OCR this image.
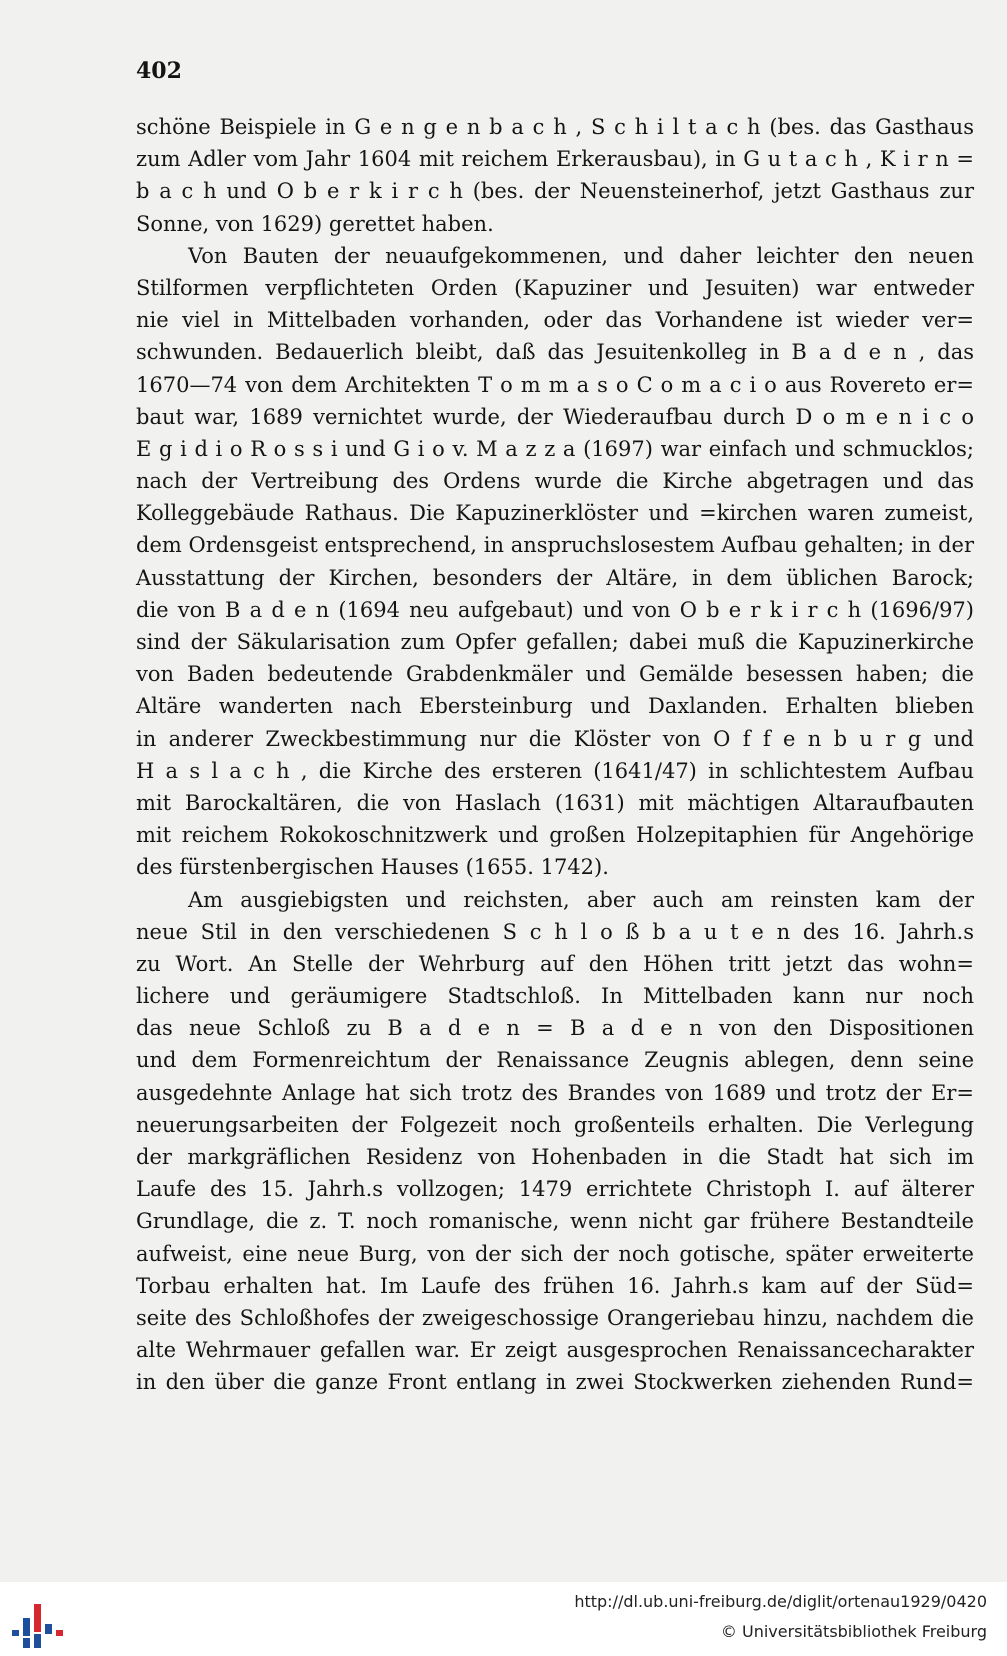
402
schöne Beispiele in G e n g e n b a c h , S c h i l t a c h (bes. das Gasthaus
zum Adler vom Jahr 1604 mit reichem Erkerausbau), in G u t a c h , K i r n =
b a c h und O b e r k i r c h (bes. der Neuensteinerhof, jetzt Gasthaus zur
Sonne, von 1629) gerettet haben.
Von Bauten der neuaufgekommenen, und daher leichter den neuen
Stilformen verpflichteten Orden (Kapuziner und Jesuiten) war entweder
nie viel in Mittelbaden vorhanden, oder das Vorhandene ist wieder ver=
schwunden. Bedauerlich bleibt, daß das Jesuitenkolleg in B a d e n , das
1670—74 von dem Architekten T o m m a s o C o m a c i o aus Rovereto er=
baut war, 1689 vernichtet wurde, der Wiederaufbau durch D o m e n i c o
E g i d i o R o s s i und G i o v. M a z z a (1697) war einfach und schmucklos;
nach der Vertreibung des Ordens wurde die Kirche abgetragen und das
Kolleggebäude Rathaus. Die Kapuzinerklöster und =kirchen waren zumeist,
dem Ordensgeist entsprechend, in anspruchslosestem Aufbau gehalten; in der
Ausstattung der Kirchen, besonders der Altäre, in dem üblichen Barock;
die von B a d e n (1694 neu aufgebaut) und von O b e r k i r c h (1696/97)
sind der Säkularisation zum Opfer gefallen; dabei muß die Kapuzinerkirche
von Baden bedeutende Grabdenkmäler und Gemälde besessen haben; die
Altäre wanderten nach Ebersteinburg und Daxlanden. Erhalten blieben
in anderer Zweckbestimmung nur die Klöster von O f f e n b u r g und
H a s l a c h , die Kirche des ersteren (1641/47) in schlichtestem Aufbau
mit Barockaltären, die von Haslach (1631) mit mächtigen Altaraufbauten
mit reichem Rokokoschnitzwerk und großen Holzepitaphien für Angehörige
des fürstenbergischen Hauses (1655. 1742).
Am ausgiebigsten und reichsten, aber auch am reinsten kam der
neue Stil in den verschiedenen S c h l o ß b a u t e n des 16. Jahrh.s
zu Wort. An Stelle der Wehrburg auf den Höhen tritt jetzt das wohn=
lichere und geräumigere Stadtschloß. In Mittelbaden kann nur noch
das neue Schloß zu B a d e n = B a d e n von den Dispositionen
und dem Formenreichtum der Renaissance Zeugnis ablegen, denn seine
ausgedehnte Anlage hat sich trotz des Brandes von 1689 und trotz der Er=
neuerungsarbeiten der Folgezeit noch großenteils erhalten. Die Verlegung
der markgräflichen Residenz von Hohenbaden in die Stadt hat sich im
Laufe des 15. Jahrh.s vollzogen; 1479 errichtete Christoph I. auf älterer
Grundlage, die z. T. noch romanische, wenn nicht gar frühere Bestandteile
aufweist, eine neue Burg, von der sich der noch gotische, später erweiterte
Torbau erhalten hat. Im Laufe des frühen 16. Jahrh.s kam auf der Süd=
seite des Schloßhofes der zweigeschossige Orangeriebau hinzu, nachdem die
alte Wehrmauer gefallen war. Er zeigt ausgesprochen Renaissancecharakter
in den über die ganze Front entlang in zwei Stockwerken ziehenden Rund=
http://dl.ub.uni-freiburg.de/diglit/ortenau1929/0420
© Universitätsbibliothek Freiburg
